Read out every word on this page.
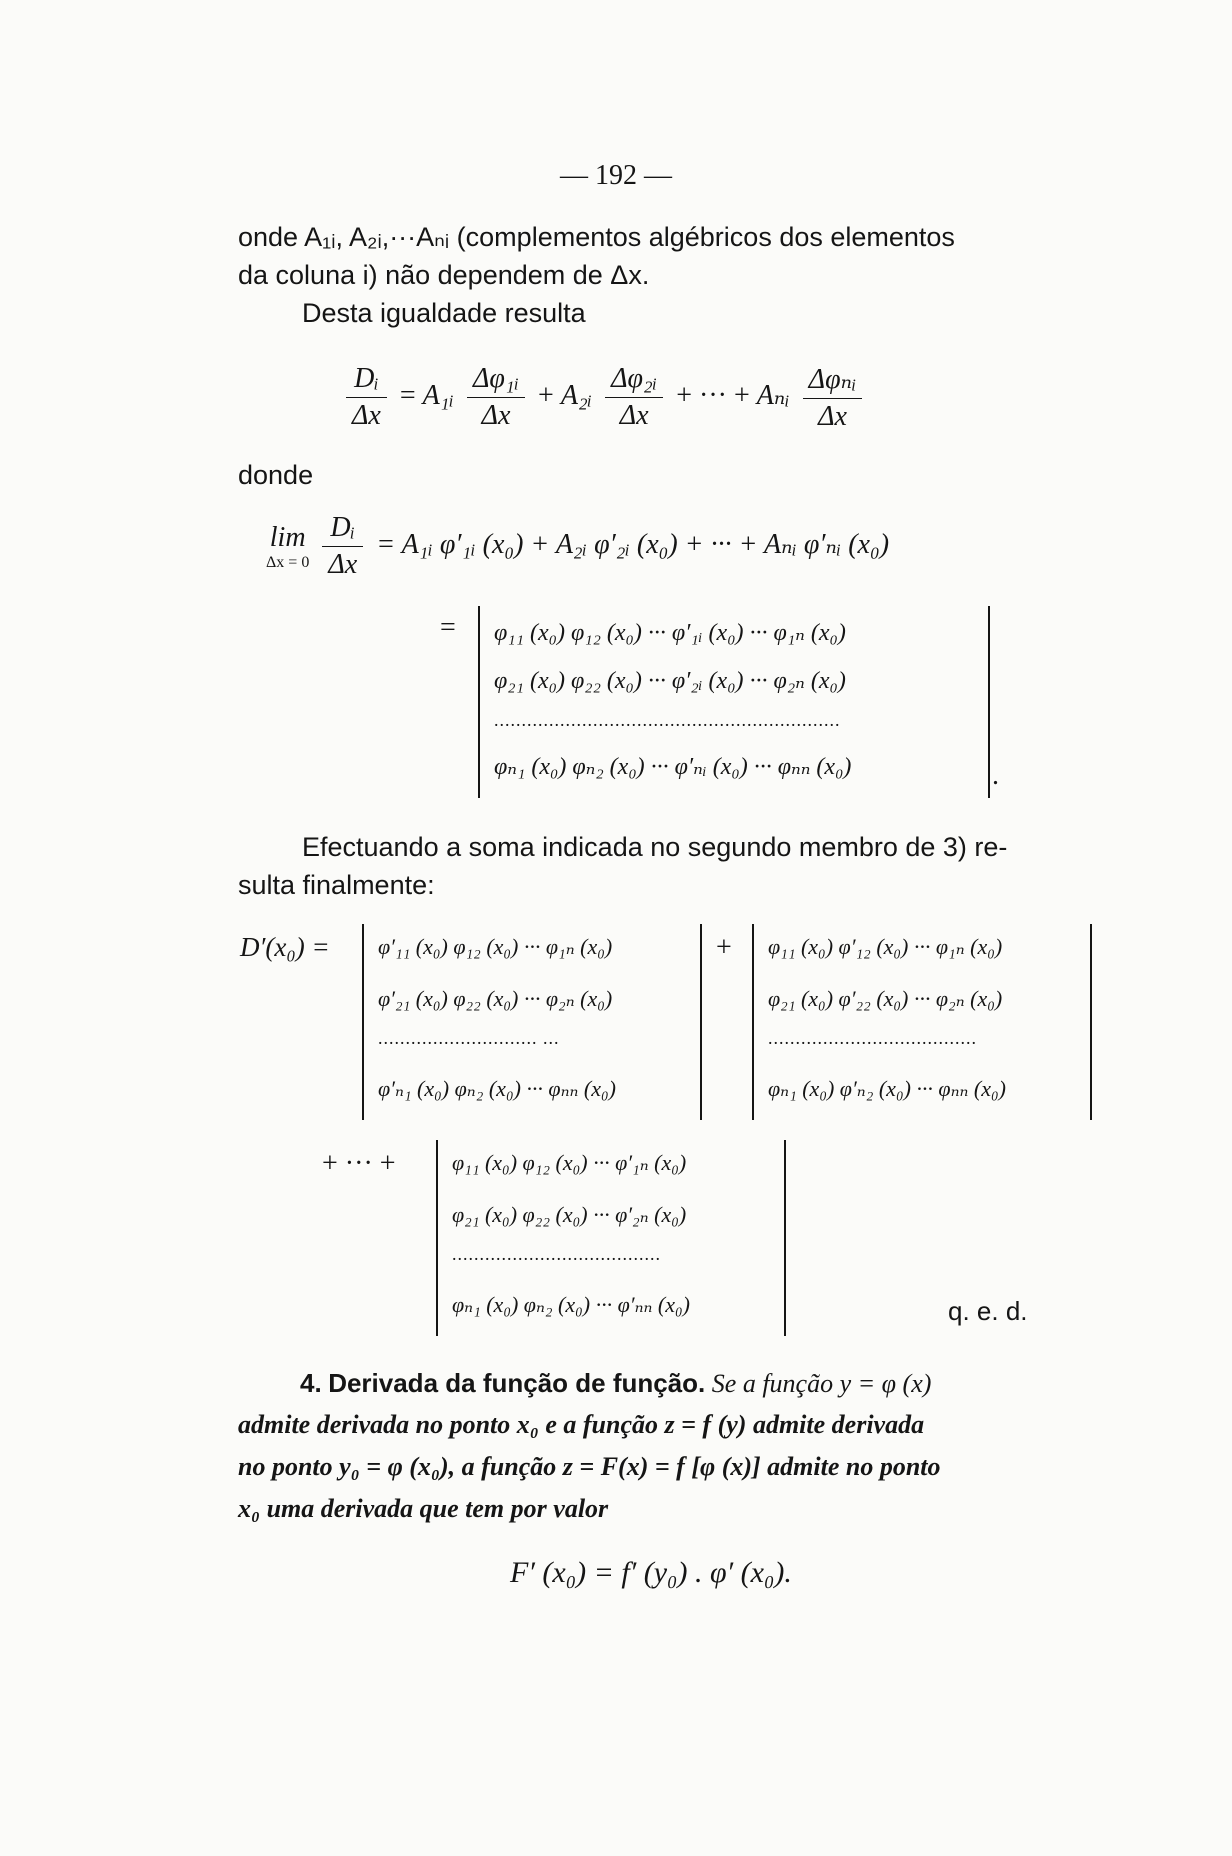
— 192 —
onde A₁ᵢ, A₂ᵢ,···Aₙᵢ (complementos algébricos dos elementos
da coluna i) não dependem de Δx.
Desta igualdade resulta
$\frac{\text{Dᵢ}}{\Delta x}$ = A₁ᵢ $\frac{\text{Δφ₁ᵢ}}{\Delta x}$ + A₂ᵢ $\frac{\text{Δφ₂ᵢ}}{\Delta x}$ + ··· + Aₙᵢ $\frac{\text{Δφₙᵢ}}{\Delta x}$
donde
lim
Δx = 0
$\frac{\text{Dᵢ}}{\Delta x}$ = A₁ᵢ φ′₁ᵢ (x₀) + A₂ᵢ φ′₂ᵢ (x₀) + ··· + Aₙᵢ φ′ₙᵢ (x₀)
= φ₁₁ (x₀) φ₁₂ (x₀) ··· φ′₁ᵢ (x₀) ··· φ₁ₙ (x₀)
φ₂₁ (x₀) φ₂₂ (x₀) ··· φ′₂ᵢ (x₀) ··· φ₂ₙ (x₀)
...............................................................
φₙ₁ (x₀) φₙ₂ (x₀) ··· φ′ₙᵢ (x₀) ··· φₙₙ (x₀)	.
Efectuando a soma indicada no segundo membro de 3) re-
sulta finalmente:
D′(x₀) = φ′₁₁ (x₀) φ₁₂ (x₀) ··· φ₁ₙ (x₀)
φ′₂₁ (x₀) φ₂₂ (x₀) ··· φ₂ₙ (x₀)
............................. ...
φ′ₙ₁ (x₀) φₙ₂ (x₀) ··· φₙₙ (x₀)
+ φ₁₁ (x₀) φ′₁₂ (x₀) ··· φ₁ₙ (x₀)
φ₂₁ (x₀) φ′₂₂ (x₀) ··· φ₂ₙ (x₀)
......................................
φₙ₁ (x₀) φ′ₙ₂ (x₀) ··· φₙₙ (x₀)
+ ··· +	φ₁₁ (x₀) φ₁₂ (x₀) ··· φ′₁ₙ (x₀)
φ₂₁ (x₀) φ₂₂ (x₀) ··· φ′₂ₙ (x₀)
......................................
φₙ₁ (x₀) φₙ₂ (x₀) ··· φ′ₙₙ (x₀)	q. e. d.
4. Derivada da função de função. Se a função y = φ (x)
admite derivada no ponto x₀ e a função z = f (y) admite derivada
no ponto y₀ = φ (x₀), a função z = F(x) = f [φ (x)] admite no ponto
x₀ uma derivada que tem por valor
F′ (x₀) = f′ (y₀) . φ′ (x₀).
